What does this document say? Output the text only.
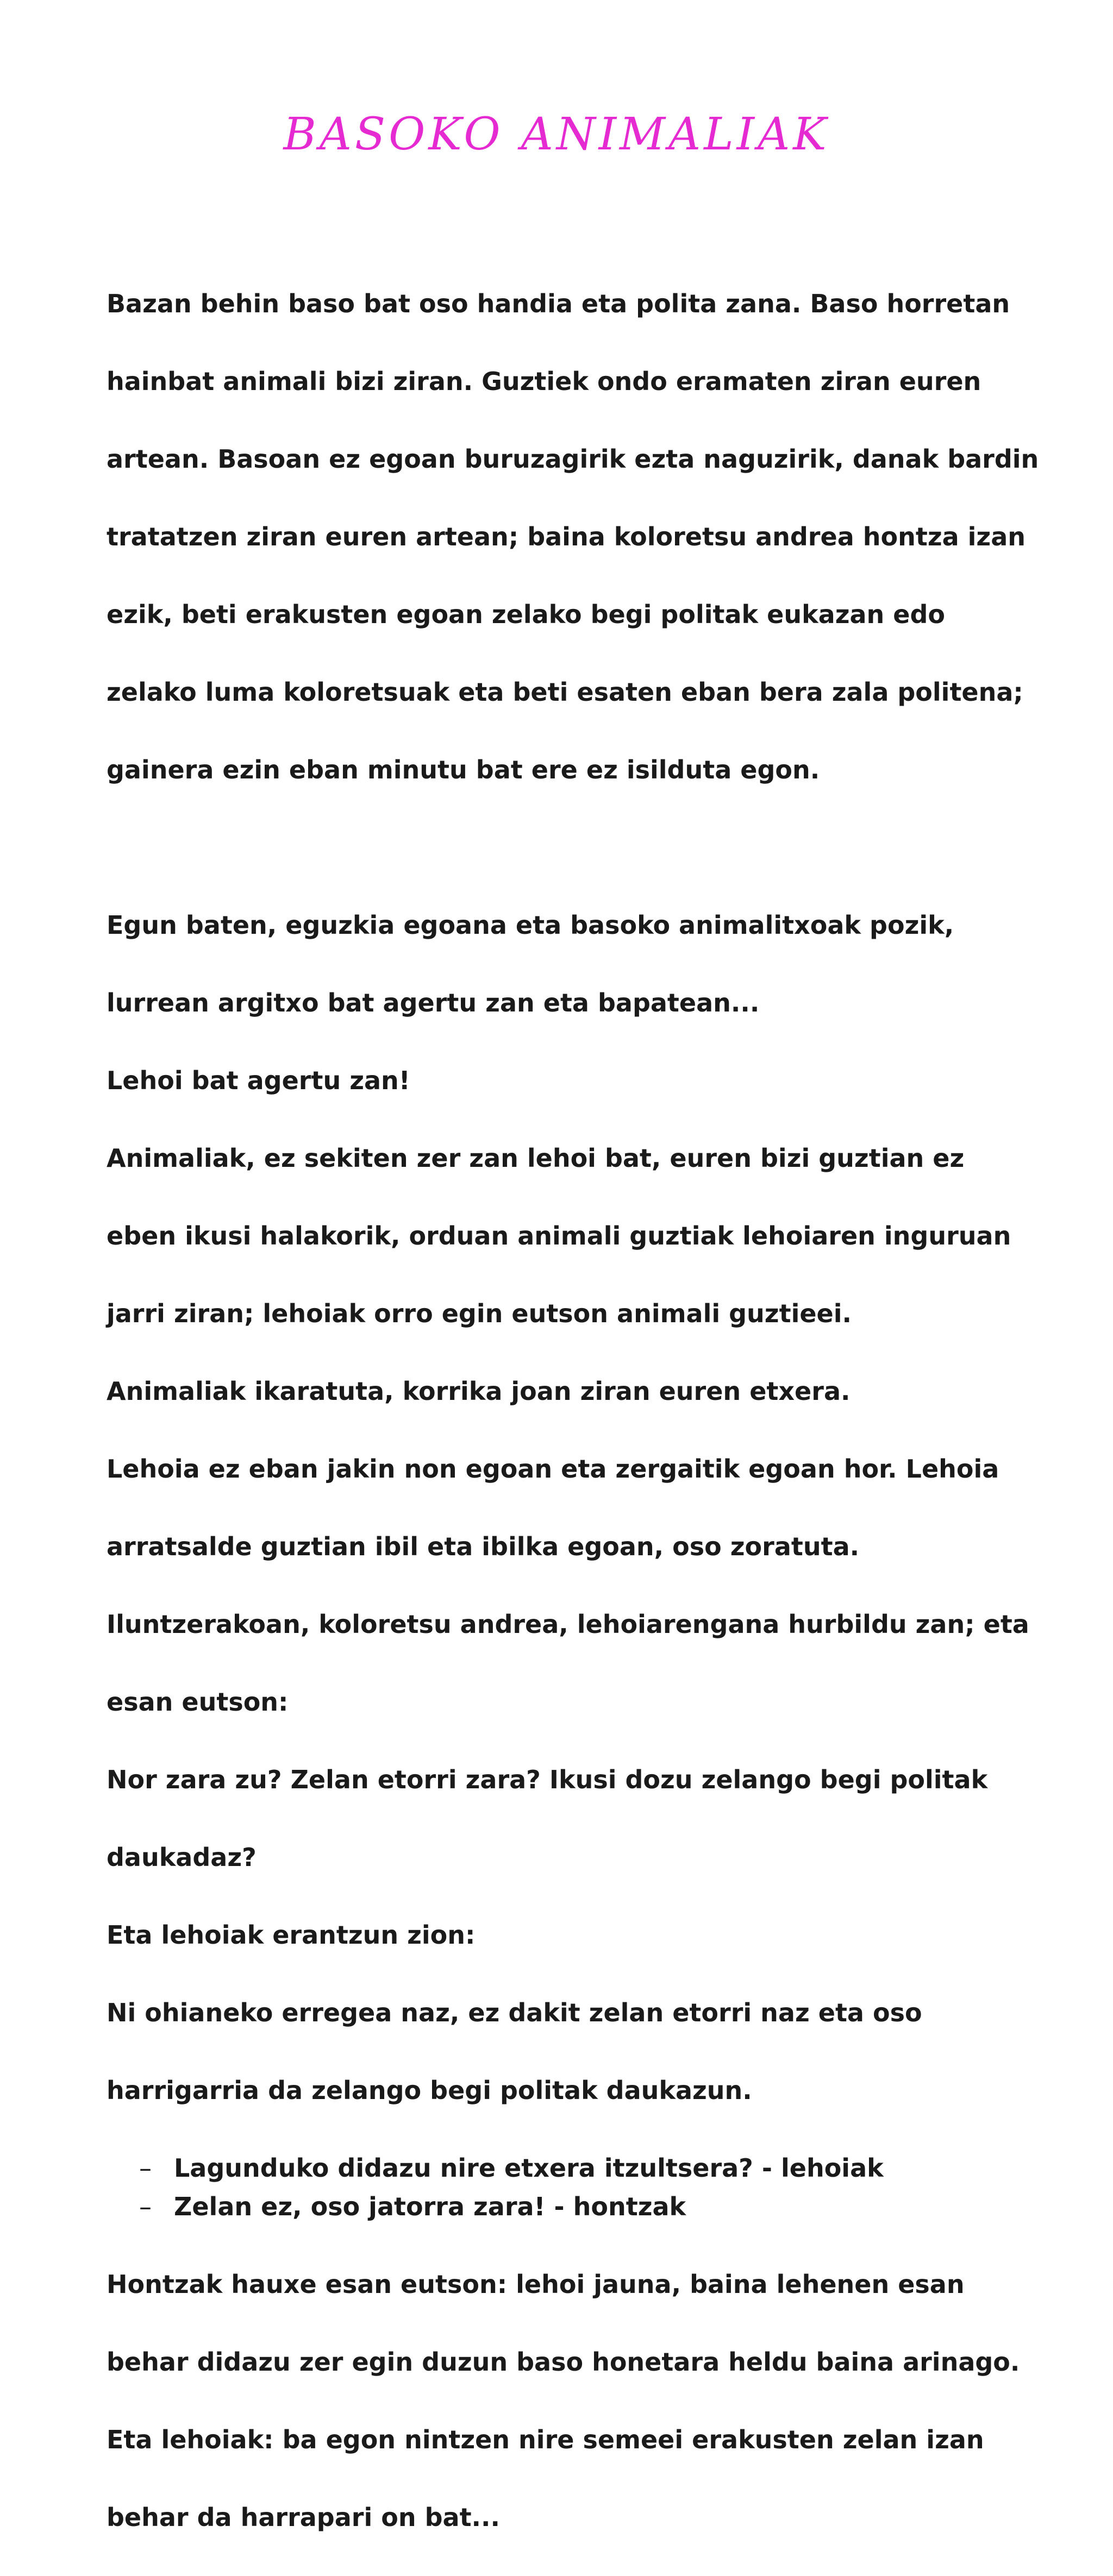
BASOKO ANIMALIAK

Bazan behin baso bat oso handia eta polita zana. Baso horretan

hainbat animali bizi ziran. Guztiek ondo eramaten ziran euren

artean. Basoan ez egoan buruzagirik ezta naguzirik, danak bardin

tratatzen ziran euren artean; baina koloretsu andrea hontza izan

ezik, beti erakusten egoan zelako begi politak eukazan edo

zelako luma koloretsuak eta beti esaten eban bera zala politena;

gainera ezin eban minutu bat ere ez isilduta egon.

Egun baten, eguzkia egoana eta basoko animalitxoak pozik,

lurrean argitxo bat agertu zan eta bapatean...

Lehoi bat agertu zan!

Animaliak, ez sekiten zer zan lehoi bat, euren bizi guztian ez

eben ikusi halakorik, orduan animali guztiak lehoiaren inguruan

jarri ziran; lehoiak orro egin eutson animali guztieei.

Animaliak ikaratuta, korrika joan ziran euren etxera.

Lehoia ez eban jakin non egoan eta zergaitik egoan hor. Lehoia

arratsalde guztian ibil eta ibilka egoan, oso zoratuta.

Iluntzerakoan, koloretsu andrea, lehoiarengana hurbildu zan; eta

esan eutson:

Nor zara zu? Zelan etorri zara? Ikusi dozu zelango begi politak

daukadaz?

Eta lehoiak erantzun zion:

Ni ohianeko erregea naz, ez dakit zelan etorri naz eta oso

harrigarria da zelango begi politak daukazun.

– Lagunduko didazu nire etxera itzultsera? - lehoiak
– Zelan ez, oso jatorra zara! - hontzak

Hontzak hauxe esan eutson: lehoi jauna, baina lehenen esan

behar didazu zer egin duzun baso honetara heldu baina arinago.

Eta lehoiak: ba egon nintzen nire semeei erakusten zelan izan

behar da harrapari on bat...
